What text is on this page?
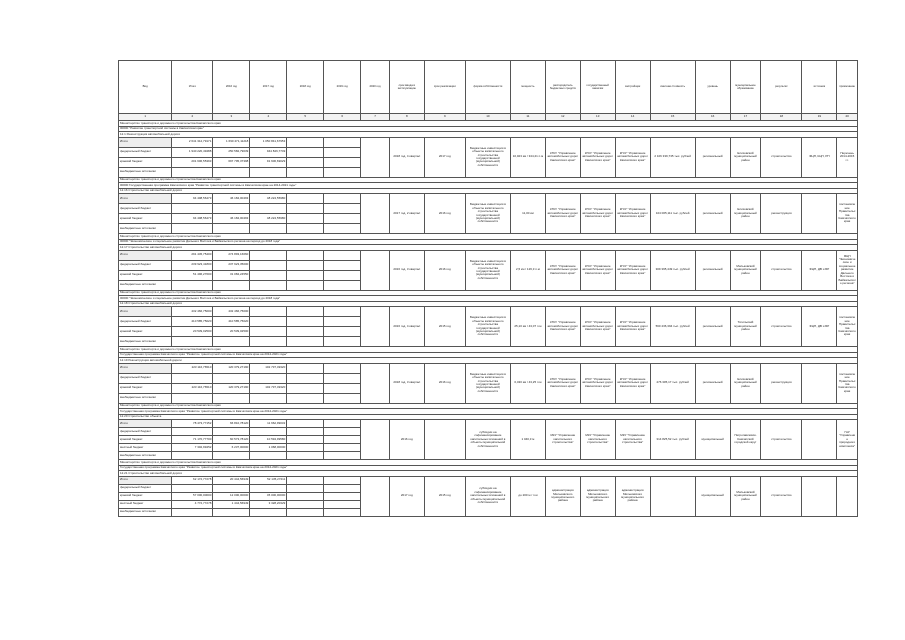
Вид	Итого	2016 год	2017 год	2018 год	2019 год	2020 год	срок ввода в эксплуатацию	срок реализации	форма собственности	мощность	распорядитель бюджетных средств	государственный заказчик	застройщик	сметная стоимость	уровень	муниципальное образование	результат	источник	примечание
1	2	3	4	5	6	7	8	9	10	11	12	13	14	15	16	17	18	19	20
Министерство транспорта и дорожного строительства Камчатского края																			
00000 "Развитие транспортной системы в Камчатском крае"																			
12.1 Реконструкция автомобильной дороги																			
Итого	2 641 312,79171	1 690 471,11218	1 050 841,67953				2018 год, 4 квартал	2017 год	Бюджетные инвестиции в объекты капитального строительства государственной (муниципальной) собственности	10,023 км / 344,21 п.м	КГКУ "Управление автомобильных дорог Камчатского края"	КГКУ "Управление автомобильных дорог Камчатского края"	КГКУ "Управление автомобильных дорог Камчатского края"	2 106 339,735 тыс. рублей	региональный	Елизовский муниципальный район	строительство	ФЦП, КЦП, РП	Перечень 2014-2015 г.г.
федеральный бюджет	1 940 220,49488	250 582,79039	944 846,7749																
краевой бюджет	201 606,55393	697 795,37398	91 606,69029																
внебюджетные источники																			
Министерство транспорта и дорожного строительства Камчатского края																			
00000 Государственная программа Камчатского края "Развитие транспортной системы в Камчатском крае на 2014-2021 годы"																			
12.16 Строительство автомобильной дороги																			
Итого	94 408,56473	46 184,00493	48 224,55980				2017 год, 2 квартал	2016 год	Бюджетные инвестиции в объекты капитального строительства государственной (муниципальной) собственности	11,00 км	КГКУ "Управление автомобильных дорог Камчатского края"	КГКУ "Управление автомобильных дорог Камчатского края"	КГКУ "Управление автомобильных дорог Камчатского края"	104 005,111 тыс. рублей	региональный	Елизовский муниципальный район	реконструкция		постановление Правительства Камчатского края
федеральный бюджет																			
краевой бюджет	94 408,56473	46 184,00493	48 224,55980																
внебюджетные источники																			
Министерство транспорта и дорожного строительства Камчатского края																			
00000 "Экономическое и социальное развитие Дальнего Востока и Байкальского региона на период до 2018 года"																			
12.17 Строительство автомобильной дороги																			
Итого	291 445,75400	274 893,16660					2016 год, 3 квартал	2016 год	Бюджетные инвестиции в объекты капитального строительства государственной (муниципальной) собственности	2,5 км / 126,3 п.м	КГКУ "Управление автомобильных дорог Камчатского края"	КГКУ "Управление автомобильных дорог Камчатского края"	КГКУ "Управление автомобильных дорог Камчатского края"	309 395,449 тыс. рублей	региональный	Мильковский муниципальный район	строительство	ФЦП, ДВ и БР	ФЦП "Экономическое и социальное развитие Дальнего Востока и Байкальского региона"
федеральный бюджет	239 923,41800	237 923,35000																	
краевой бюджет	51 496,27600	31 084,24550																	
внебюджетные источники																			
Министерство транспорта и дорожного строительства Камчатского края																			
00000 "Экономическое и социальное развитие Дальнего Востока и Байкальского региона на период до 2018 года"																			
12.18 Строительство автомобильной дороги																			
Итого	432 466,75000	432 466,75000					2016 год, 4 квартал	2015 год	Бюджетные инвестиции в объекты капитального строительства государственной (муниципальной) собственности	25,10 км / 43,07 п.м	КГКУ "Управление автомобильных дорог Камчатского края"	КГКУ "Управление автомобильных дорог Камчатского края"	КГКУ "Управление автомобильных дорог Камчатского края"	560 436,394 тыс. рублей	региональный	Тигильский муниципальный район	строительство	ФЦП, ДВ и БР	постановление Правительства Камчатского края
федеральный бюджет	410 585,75020	410 585,75020																	
краевой бюджет	20 539,02500	20 539,02500																	
внебюджетные источники																			
Министерство транспорта и дорожного строительства Камчатского края																			
Государственная программа Камчатского края "Развитие транспортной системы в Камчатском крае на 2014-2021 годы"																			
12.19 Реконструкция автомобильной дороги																			
Итого	223 116,76510	120 379,27190	102 737,49320				2018 год, 3 квартал	2016 год	Бюджетные инвестиции в объекты капитального строительства государственной (муниципальной) собственности	0,430 км / 43,25 п.м	КГКУ "Управление автомобильных дорог Камчатского края"	КГКУ "Управление автомобильных дорог Камчатского края"	КГКУ "Управление автомобильных дорог Камчатского края"	476 305,17 тыс. рублей	региональный	Елизовский муниципальный район	реконструкция		постановление Правительства Камчатского края
федеральный бюджет																			
краевой бюджет	223 116,76510	120 379,27190	102 737,49320																
внебюджетные источники																			
Министерство транспорта и дорожного строительства Камчатского края																			
Государственная программа Камчатского края "Развитие транспортной системы в Камчатском крае на 2014-2021 годы"																			
12.20 Строительство объекта																			
Итого	78 473,77152	66 810,78120	11 662,99032				2016 год		субсидии на софинансирование капитальных вложений в объекты муниципальной собственности	1 040,3 м	МКУ "Управление капитального строительства"	МКУ "Управление капитального строительства"	МКУ "Управление капитального строительства"	314 825,52 тыс. рублей	муниципальный	Петропавловск-Камчатский городской округ	строительство		ГАУ "Управление природного комплекса"
федеральный бюджет																			
краевой бюджет	71 170,77700	60 573,78120	10 594,99580																
местный бюджет	7 302,99452	6 237,00000	1 068,00000																
внебюджетные источники																			
Министерство транспорта и дорожного строительства Камчатского края																			
Государственная программа Камчатского края "Развитие транспортной системы в Камчатском крае на 2014-2021 годы"																			
12.21 Строительство автомобильной дороги																			
Итого	62 172,77278	20 444,56949	52 135,27211				2017 год	2015 год	субсидии на софинансирование капитальных вложений в объекты муниципальной собственности	до 200 м / п.м	администрация Мильковского муниципального района	администрация Мильковского муниципального района	администрация Мильковского муниципального района		муниципальный	Мильковский муниципальный район	строительство		
федеральный бюджет																			
краевой бюджет	57 000,00000	12 000,00000	45 000,00000																
местный бюджет	4 772,77278	1 444,56949	3 328,20329																
внебюджетные источники																			
